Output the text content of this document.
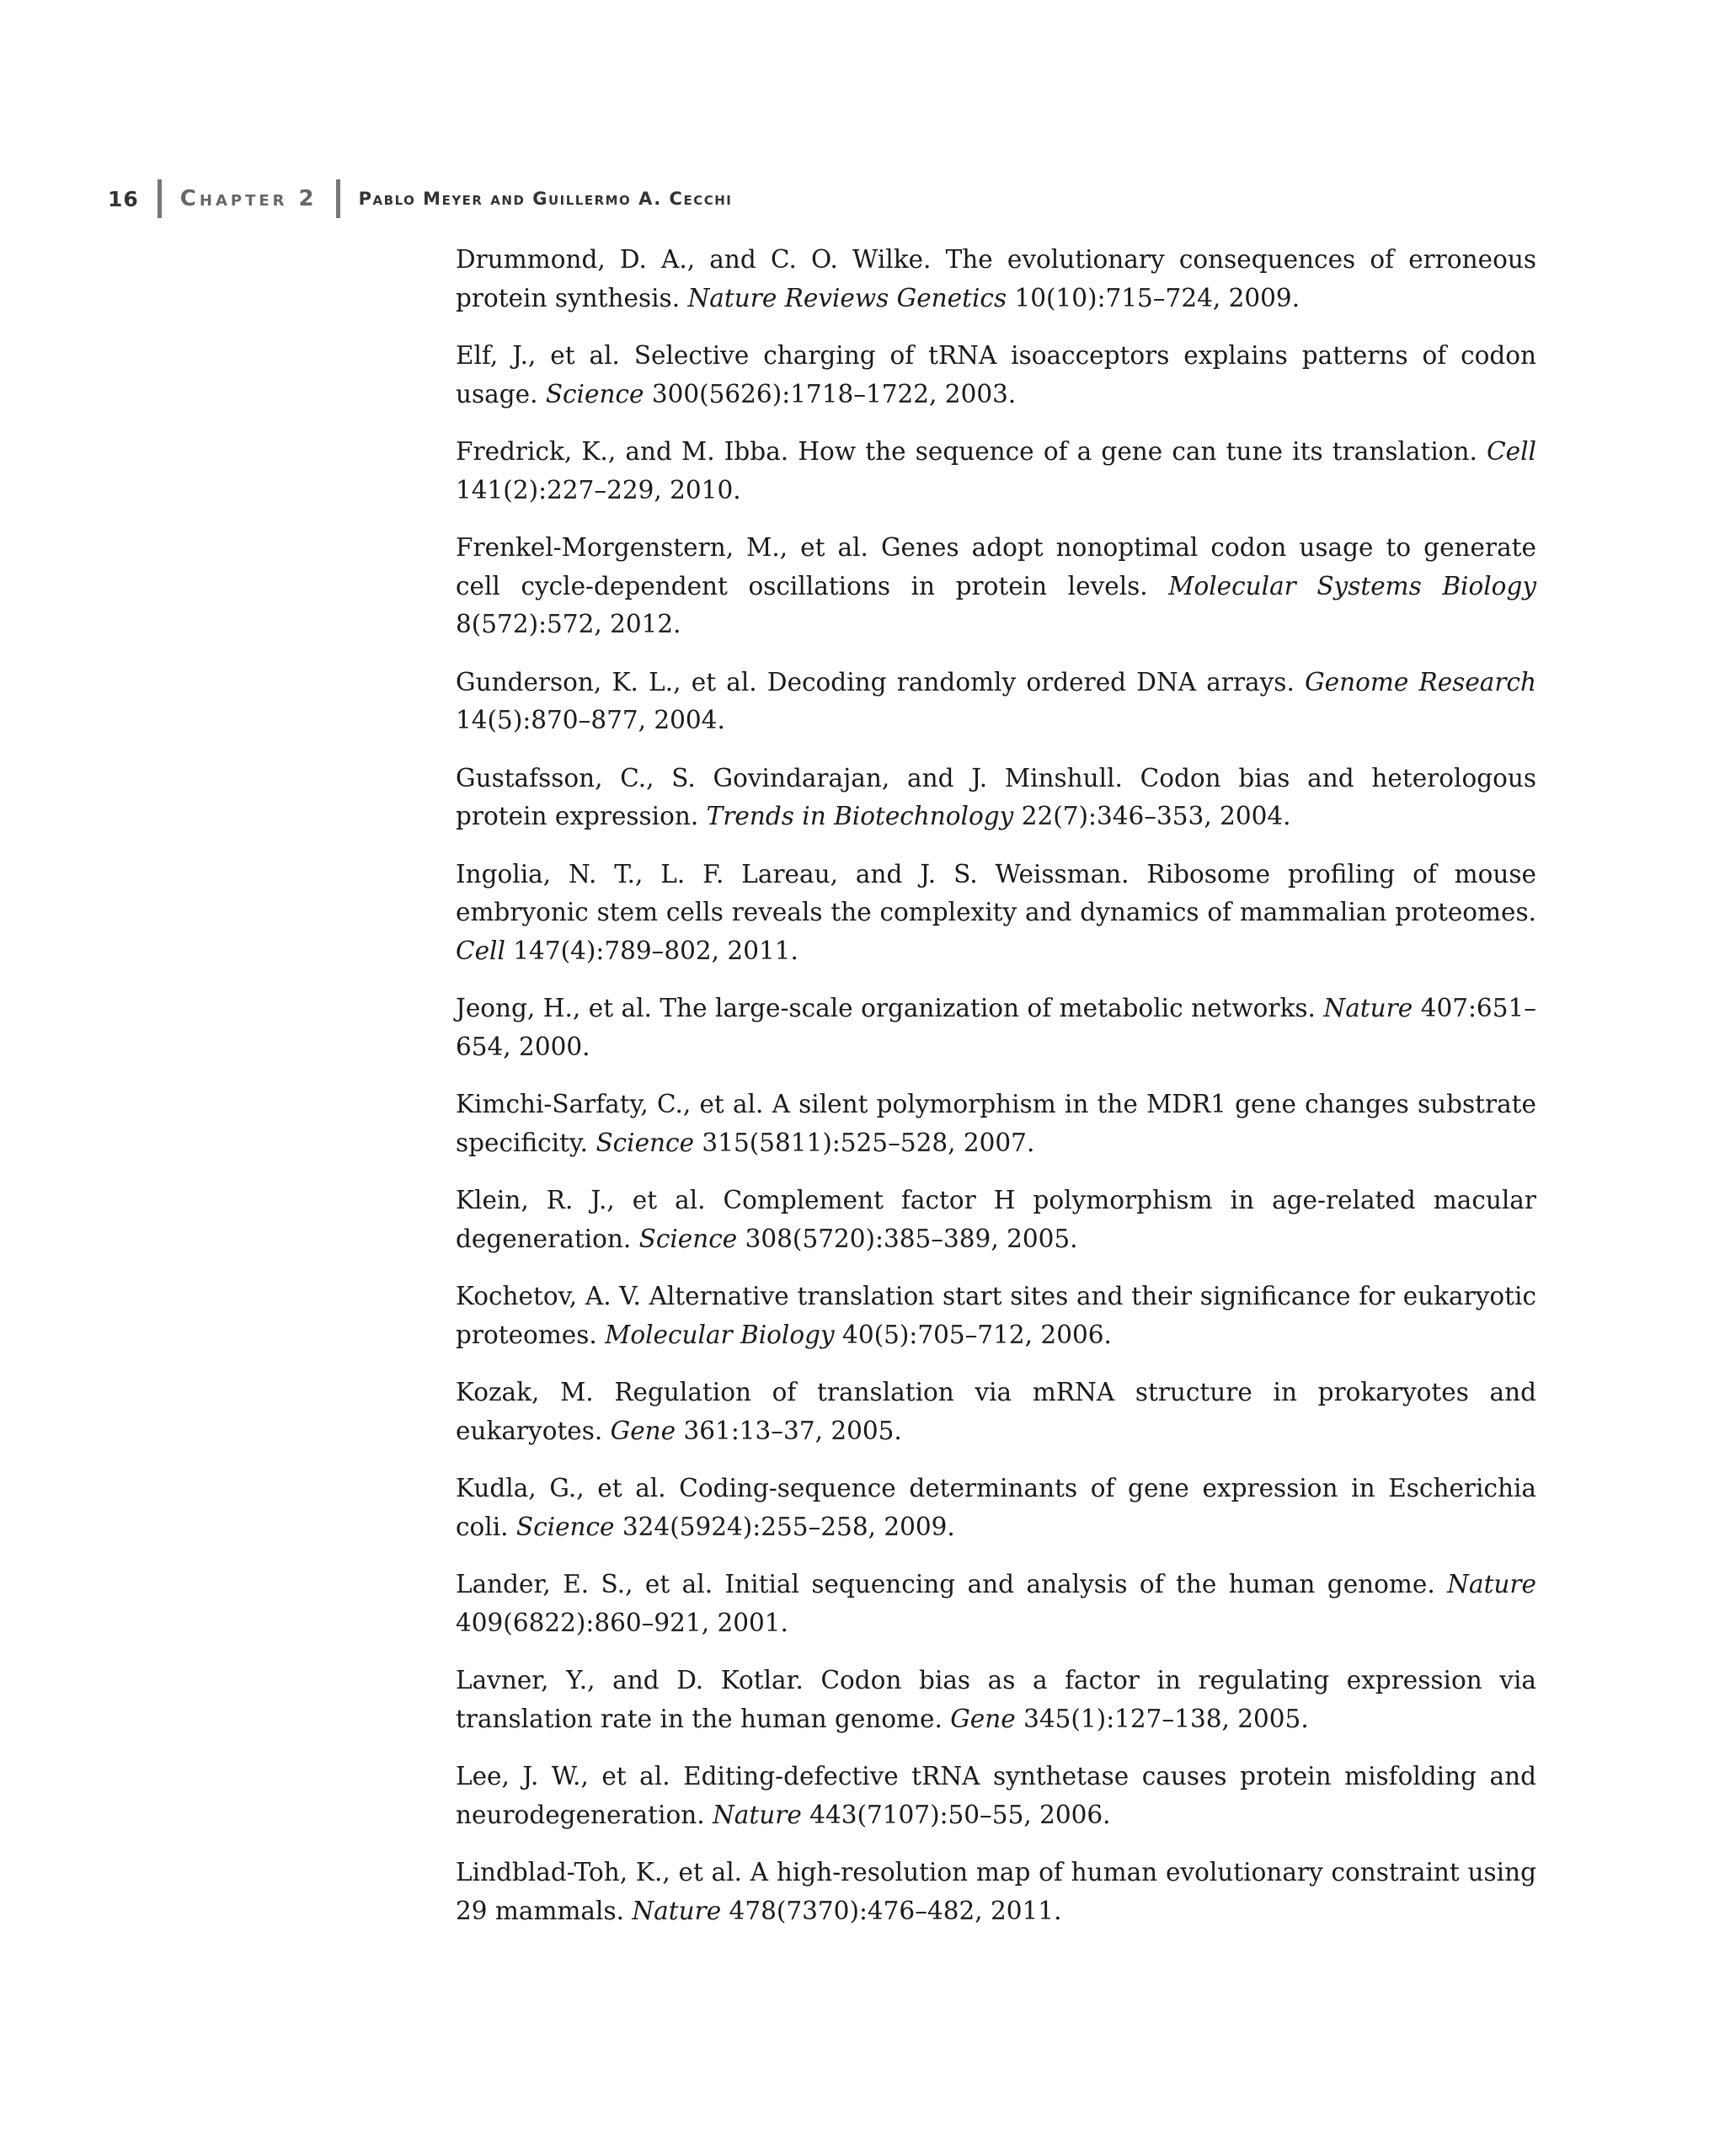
16 Chapter 2 Pablo Meyer and Guillermo A. Cecchi

Drummond, D. A., and C. O. Wilke. The evolutionary consequences of erroneous protein synthesis. Nature Reviews Genetics 10(10):715–724, 2009.

Elf, J., et al. Selective charging of tRNA isoacceptors explains patterns of codon usage. Science 300(5626):1718–1722, 2003.

Fredrick, K., and M. Ibba. How the sequence of a gene can tune its translation. Cell 141(2):227–229, 2010.

Frenkel-Morgenstern, M., et al. Genes adopt nonoptimal codon usage to generate cell cycle-dependent oscillations in protein levels. Molecular Systems Biology 8(572):572, 2012.

Gunderson, K. L., et al. Decoding randomly ordered DNA arrays. Genome Research 14(5):870–877, 2004.

Gustafsson, C., S. Govindarajan, and J. Minshull. Codon bias and heterologous protein expression. Trends in Biotechnology 22(7):346–353, 2004.

Ingolia, N. T., L. F. Lareau, and J. S. Weissman. Ribosome profiling of mouse embryonic stem cells reveals the complexity and dynamics of mammalian proteomes. Cell 147(4):789–802, 2011.

Jeong, H., et al. The large-scale organization of metabolic networks. Nature 407:651–654, 2000.

Kimchi-Sarfaty, C., et al. A silent polymorphism in the MDR1 gene changes substrate specificity. Science 315(5811):525–528, 2007.

Klein, R. J., et al. Complement factor H polymorphism in age-related macular degeneration. Science 308(5720):385–389, 2005.

Kochetov, A. V. Alternative translation start sites and their significance for eukaryotic proteomes. Molecular Biology 40(5):705–712, 2006.

Kozak, M. Regulation of translation via mRNA structure in prokaryotes and eukaryotes. Gene 361:13–37, 2005.

Kudla, G., et al. Coding-sequence determinants of gene expression in Escherichia coli. Science 324(5924):255–258, 2009.

Lander, E. S., et al. Initial sequencing and analysis of the human genome. Nature 409(6822):860–921, 2001.

Lavner, Y., and D. Kotlar. Codon bias as a factor in regulating expression via translation rate in the human genome. Gene 345(1):127–138, 2005.

Lee, J. W., et al. Editing-defective tRNA synthetase causes protein misfolding and neurodegeneration. Nature 443(7107):50–55, 2006.

Lindblad-Toh, K., et al. A high-resolution map of human evolutionary constraint using 29 mammals. Nature 478(7370):476–482, 2011.
